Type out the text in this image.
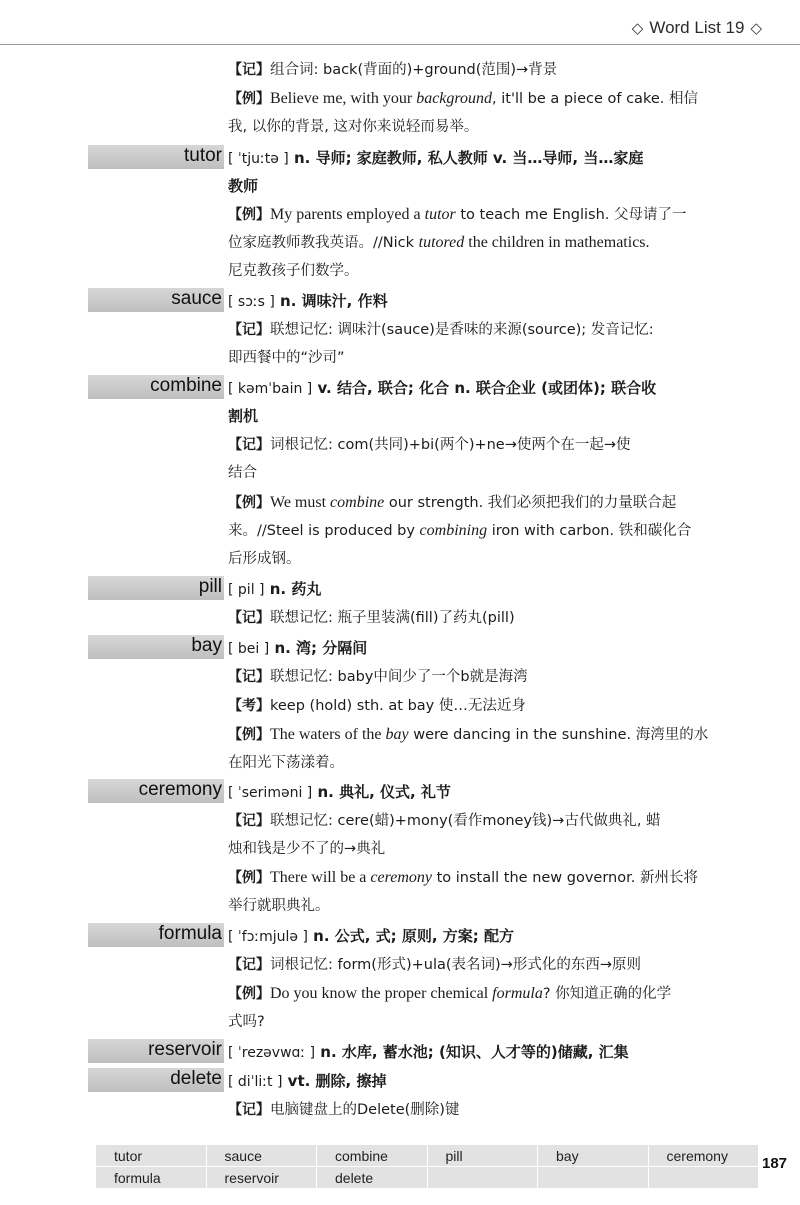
◇ Word List 19 ◇
【记】组合词: back(背面的)+ground(范围)→背景
【例】Believe me, with your background, it'll be a piece of cake. 相信
我, 以你的背景, 这对你来说轻而易举。
tutor [ ˈtjuːtə ] n. 导师; 家庭教师, 私人教师 v. 当…导师, 当…家庭
教师
【例】My parents employed a tutor to teach me English. 父母请了一
位家庭教师教我英语。//Nick tutored the children in mathematics.
尼克教孩子们数学。
sauce [ sɔːs ] n. 调味汁, 作料
【记】联想记忆: 调味汁(sauce)是香味的来源(source); 发音记忆:
即西餐中的“沙司”
combine [ kəmˈbain ] v. 结合, 联合; 化合 n. 联合企业 (或团体); 联合收
割机
【记】词根记忆: com(共同)+bi(两个)+ne→使两个在一起→使
结合
【例】We must combine our strength. 我们必须把我们的力量联合起
来。//Steel is produced by combining iron with carbon. 铁和碳化合
后形成钢。
pill [ pil ] n. 药丸
【记】联想记忆: 瓶子里装满(fill)了药丸(pill)
bay [ bei ] n. 湾; 分隔间
【记】联想记忆: baby中间少了一个b就是海湾
【考】keep (hold) sth. at bay 使…无法近身
【例】The waters of the bay were dancing in the sunshine. 海湾里的水
在阳光下荡漾着。
ceremony [ ˈseriməni ] n. 典礼, 仪式, 礼节
【记】联想记忆: cere(蜡)+mony(看作money钱)→古代做典礼, 蜡
烛和钱是少不了的→典礼
【例】There will be a ceremony to install the new governor. 新州长将
举行就职典礼。
formula [ ˈfɔːmjulə ] n. 公式, 式; 原则, 方案; 配方
【记】词根记忆: form(形式)+ula(表名词)→形式化的东西→原则
【例】Do you know the proper chemical formula? 你知道正确的化学
式吗?
reservoir [ ˈrezəvwɑː ] n. 水库, 蓄水池; (知识、人才等的)储藏, 汇集
delete [ diˈliːt ] vt. 删除, 擦掉
【记】电脑键盘上的Delete(删除)键
tutor	sauce	combine	pill	bay	ceremony
formula	reservoir	delete			
187
